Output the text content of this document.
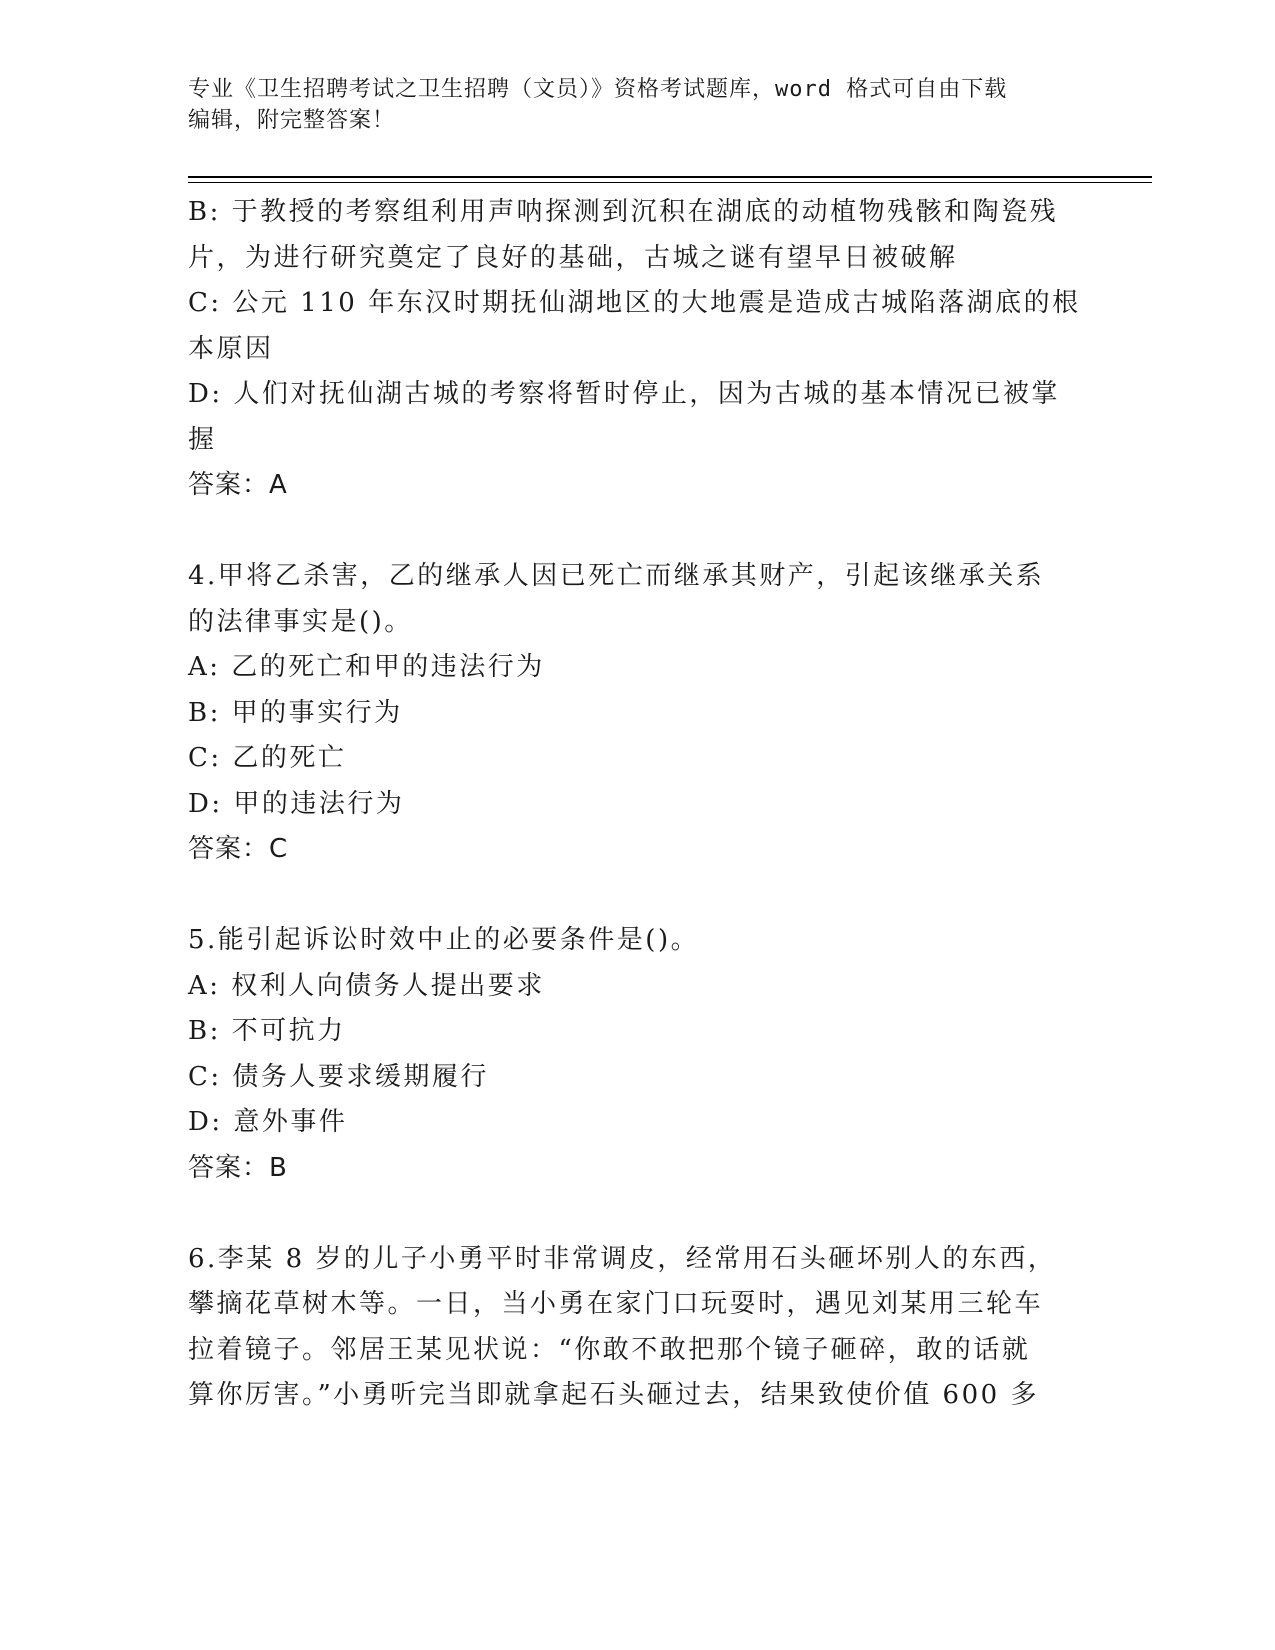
专业《卫生招聘考试之卫生招聘（文员）》资格考试题库，word 格式可自由下载
编辑，附完整答案！
B: 于教授的考察组利用声呐探测到沉积在湖底的动植物残骸和陶瓷残
片，为进行研究奠定了良好的基础，古城之谜有望早日被破解
C: 公元 110 年东汉时期抚仙湖地区的大地震是造成古城陷落湖底的根
本原因
D: 人们对抚仙湖古城的考察将暂时停止，因为古城的基本情况已被掌
握
答案：A
4.甲将乙杀害，乙的继承人因已死亡而继承其财产，引起该继承关系
的法律事实是()。
A: 乙的死亡和甲的违法行为
B: 甲的事实行为
C: 乙的死亡
D: 甲的违法行为
答案：C
5.能引起诉讼时效中止的必要条件是()。
A: 权利人向债务人提出要求
B: 不可抗力
C: 债务人要求缓期履行
D: 意外事件
答案：B
6.李某 8 岁的儿子小勇平时非常调皮，经常用石头砸坏别人的东西，
攀摘花草树木等。一日，当小勇在家门口玩耍时，遇见刘某用三轮车
拉着镜子。邻居王某见状说：“你敢不敢把那个镜子砸碎，敢的话就
算你厉害。”小勇听完当即就拿起石头砸过去，结果致使价值 600 多
